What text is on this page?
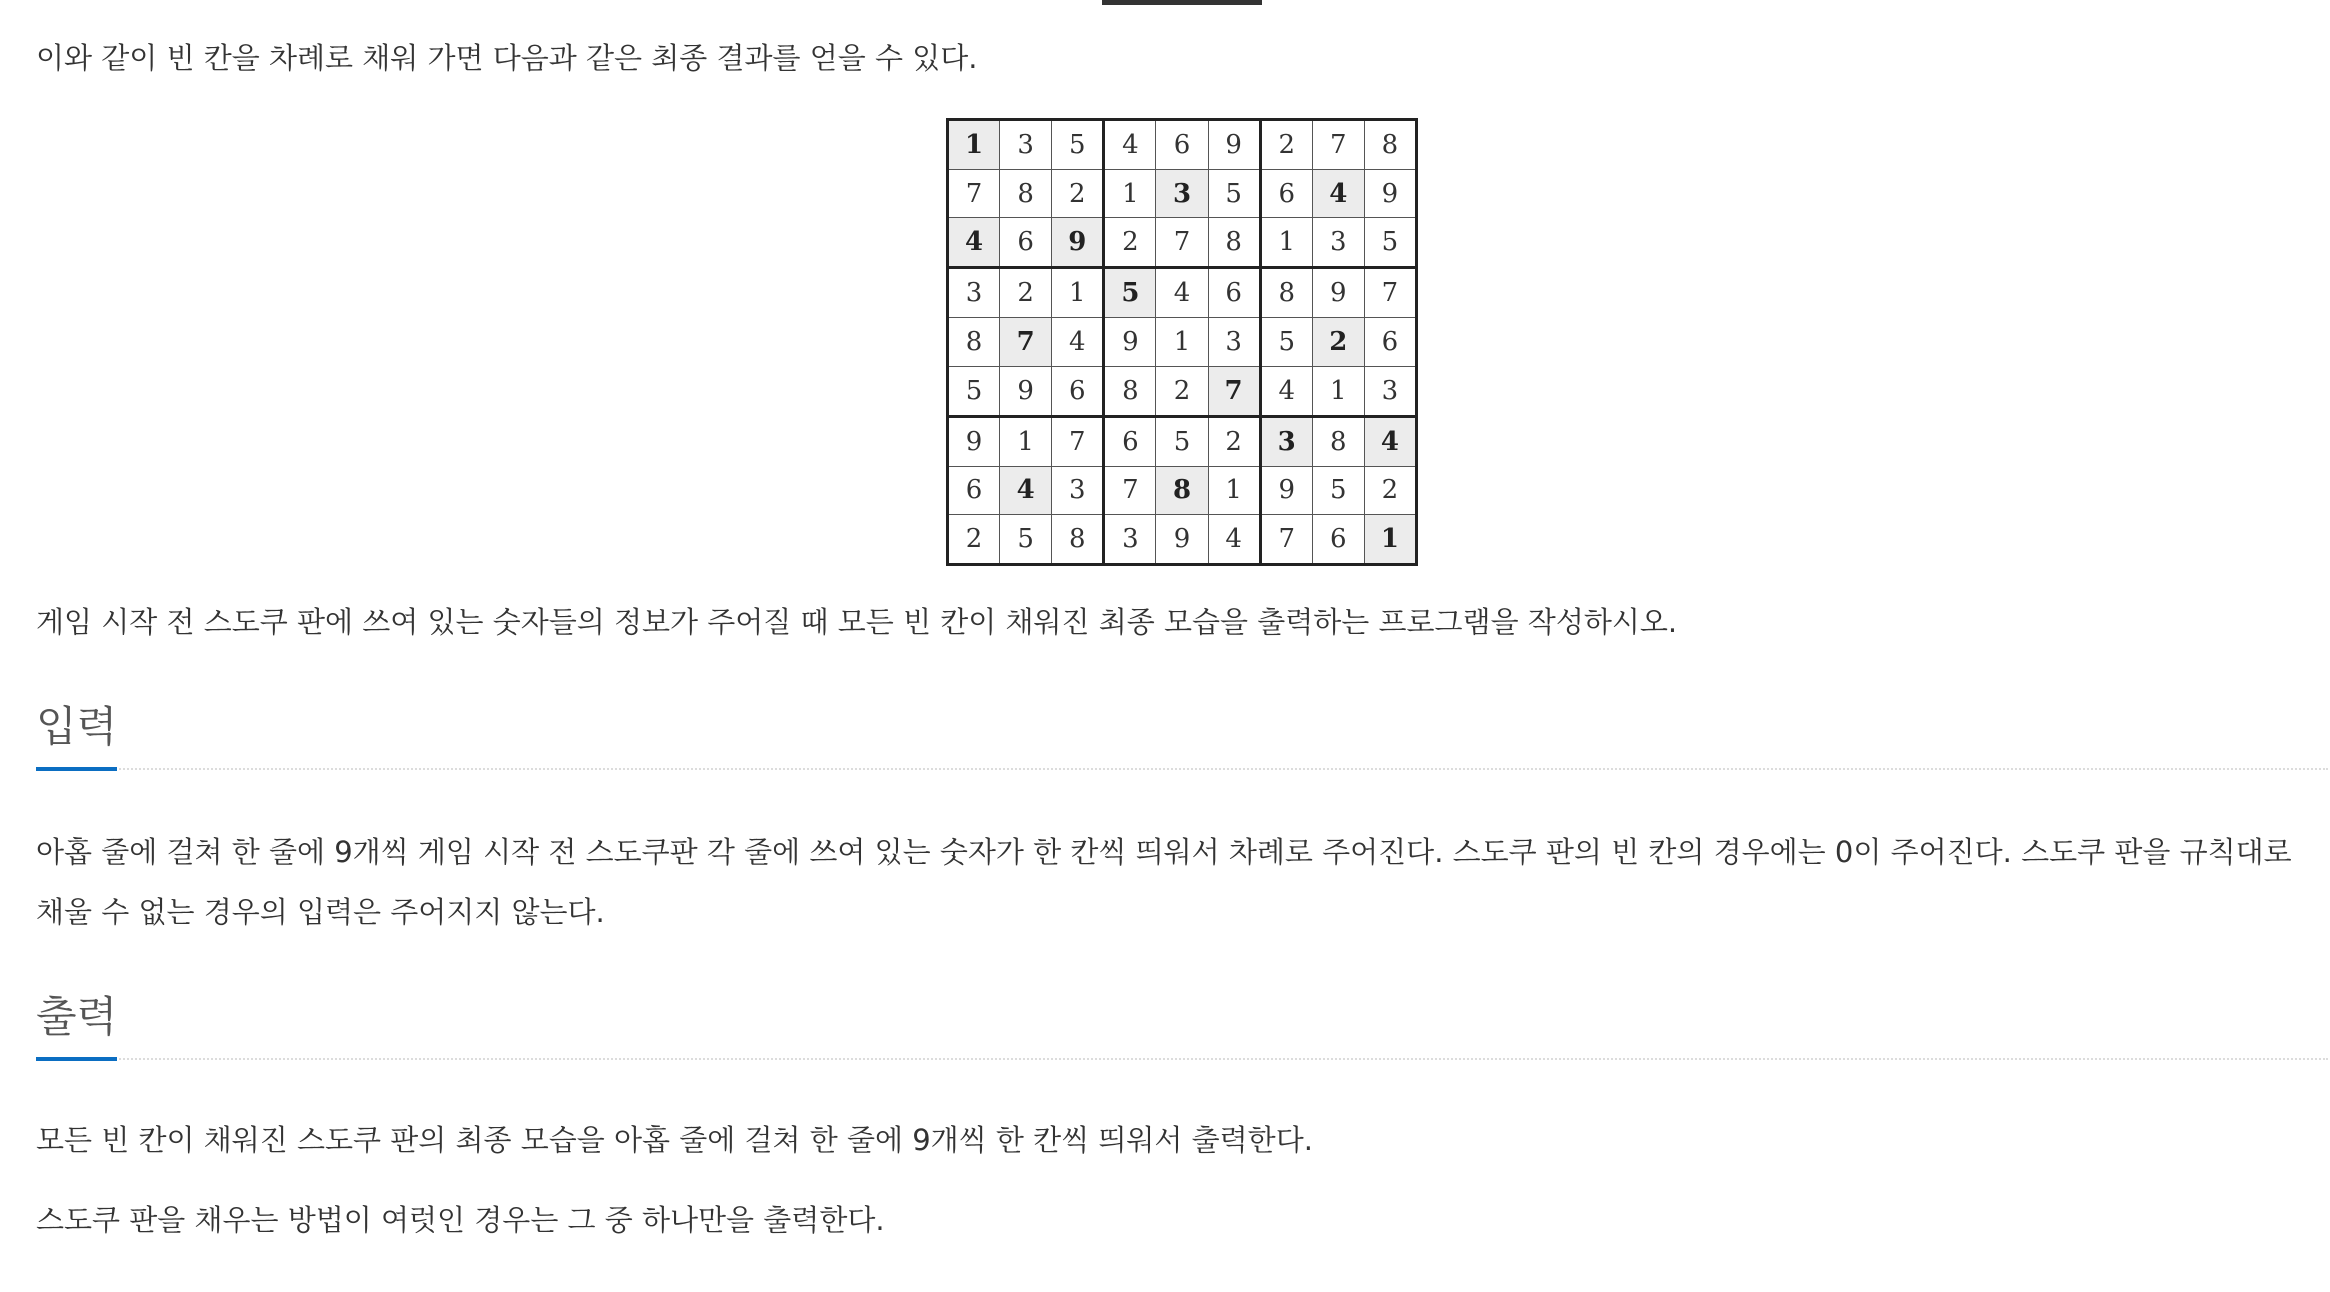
이와 같이 빈 칸을 차례로 채워 가면 다음과 같은 최종 결과를 얻을 수 있다.

1	3	5	4	6	9	2	7	8
7	8	2	1	3	5	6	4	9
4	6	9	2	7	8	1	3	5
3	2	1	5	4	6	8	9	7
8	7	4	9	1	3	5	2	6
5	9	6	8	2	7	4	1	3
9	1	7	6	5	2	3	8	4
6	4	3	7	8	1	9	5	2
2	5	8	3	9	4	7	6	1

게임 시작 전 스도쿠 판에 쓰여 있는 숫자들의 정보가 주어질 때 모든 빈 칸이 채워진 최종 모습을 출력하는 프로그램을 작성하시오.

입력

아홉 줄에 걸쳐 한 줄에 9개씩 게임 시작 전 스도쿠판 각 줄에 쓰여 있는 숫자가 한 칸씩 띄워서 차례로 주어진다. 스도쿠 판의 빈 칸의 경우에는 0이 주어진다. 스도쿠 판을 규칙대로 채울 수 없는 경우의 입력은 주어지지 않는다.

출력

모든 빈 칸이 채워진 스도쿠 판의 최종 모습을 아홉 줄에 걸쳐 한 줄에 9개씩 한 칸씩 띄워서 출력한다.

스도쿠 판을 채우는 방법이 여럿인 경우는 그 중 하나만을 출력한다.
